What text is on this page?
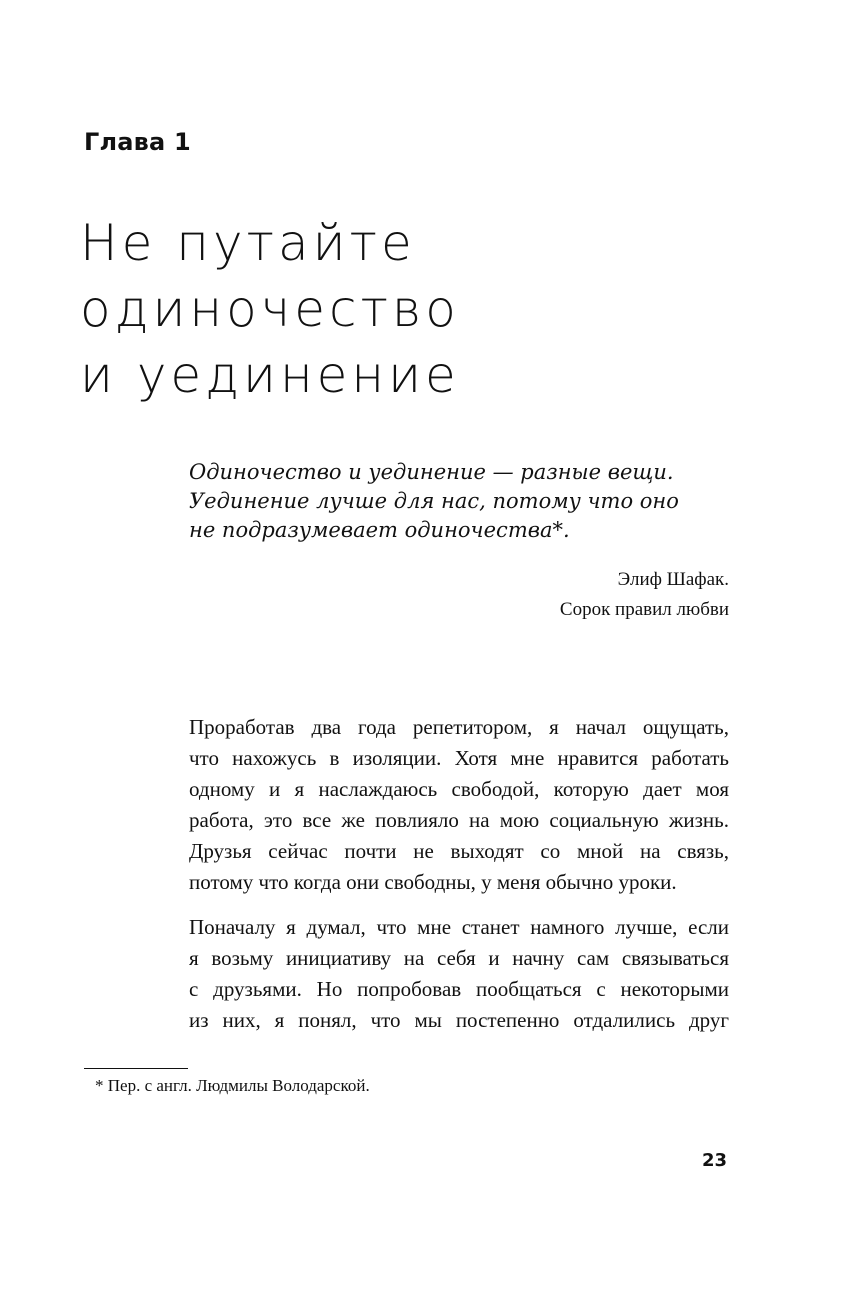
Глава 1
Не путайте
одиночество
и уединение

Одиночество и уединение — разные вещи.
Уединение лучше для нас, потому что оно
не подразумевает одиночества*.

Элиф Шафак.
Сорок правил любви

Проработав два года репетитором, я начал ощущать,
что нахожусь в изоляции. Хотя мне нравится работать
одному и я наслаждаюсь свободой, которую дает моя
работа, это все же повлияло на мою социальную жизнь.
Друзья сейчас почти не выходят со мной на связь,
потому что когда они свободны, у меня обычно уроки.

Поначалу я думал, что мне станет намного лучше, если
я возьму инициативу на себя и начну сам связываться
с друзьями. Но попробовав пообщаться с некоторыми
из них, я понял, что мы постепенно отдалились друг

* Пер. с англ. Людмилы Володарской.
23
